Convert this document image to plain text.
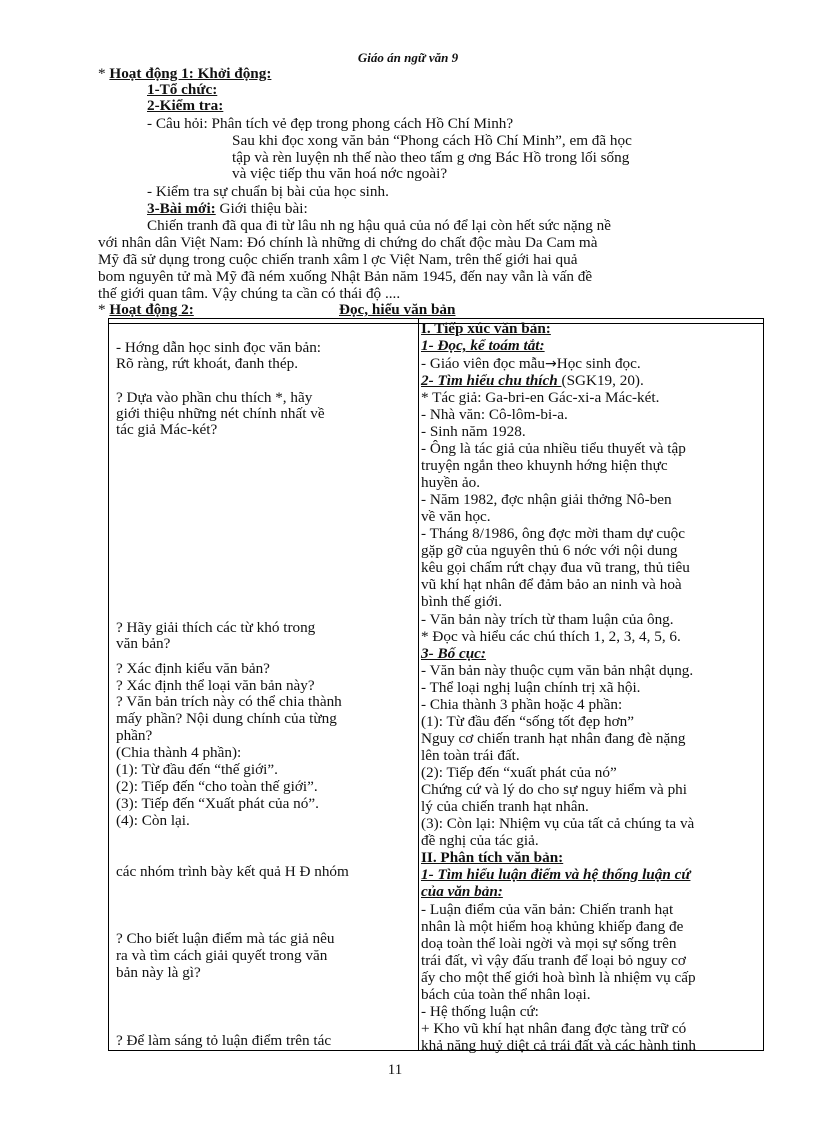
Giáo án ngữ văn 9
* Hoạt động 1: Khởi động:
1-Tổ chức:
2-Kiểm tra:
- Câu hỏi: Phân tích vẻ đẹp trong phong cách Hồ Chí Minh?
Sau khi đọc xong văn bản “Phong cách Hồ Chí Minh”, em đã học
tập và rèn luyện nh thế nào theo tấm g ơng Bác Hồ trong lối sống
và việc tiếp thu văn hoá nớc ngoài?
- Kiểm tra sự chuẩn bị bài của học sinh.
3-Bài mới: Giới thiệu bài:
Chiến tranh đã qua đi từ lâu nh ng hậu quả của nó để lại còn hết sức nặng nề
với nhân dân Việt Nam: Đó chính là những di chứng do chất độc màu Da Cam mà
Mỹ đã sử dụng trong cuộc chiến tranh xâm l ợc Việt Nam, trên thế giới hai quả
bom nguyên tử mà Mỹ đã ném xuống Nhật Bản năm 1945, đến nay vẫn là vấn đề
thế giới quan tâm. Vậy chúng ta cần có thái độ ....
* Hoạt động 2:	Đọc, hiểu văn bản
- Hớng dẫn học sinh đọc văn bản:
Rõ ràng, rứt khoát, đanh thép.
? Dựa vào phần chu thích *, hãy
giới thiệu những nét chính nhất về
tác giả Mác-két?
? Hãy giải thích các từ khó trong
văn bản?
? Xác định kiểu văn bản?
? Xác định thể loại văn bản này?
? Văn bản trích này có thể chia thành
mấy phần? Nội dung chính của từng
phần?
(Chia thành 4 phần):
(1): Từ đầu đến “thế giới”.
(2): Tiếp đến “cho toàn thế giới”.
(3): Tiếp đến “Xuất phát của nó”.
(4): Còn lại.
các nhóm trình bày kết quả H Đ nhóm
? Cho biết luận điểm mà tác giả nêu
ra và tìm cách giải quyết trong văn
bản này là gì?
? Để làm sáng tỏ luận điểm trên tác
I. Tiếp xúc văn bản:
1- Đọc, kể toám tắt:
- Giáo viên đọc mẫu→Học sinh đọc.
2- Tìm hiểu chu thích (SGK19, 20).
* Tác giả: Ga-bri-en Gác-xi-a Mác-két.
- Nhà văn: Cô-lôm-bi-a.
- Sinh năm 1928.
- Ông là tác giả của nhiều tiểu thuyết và tập
truyện ngắn theo khuynh hớng hiện thực
huyền ảo.
- Năm 1982, đợc nhận giải thởng Nô-ben
về văn học.
- Tháng 8/1986, ông đợc mời tham dự cuộc
gặp gỡ của nguyên thủ 6 nớc với nội dung
kêu gọi chấm rứt chạy đua vũ trang, thủ tiêu
vũ khí hạt nhân để đảm bảo an ninh và hoà
bình thế giới.
- Văn bản này trích từ tham luận của ông.
* Đọc và hiểu các chú thích 1, 2, 3, 4, 5, 6.
3- Bố cục:
- Văn bản này thuộc cụm văn bản nhật dụng.
- Thể loại nghị luận chính trị xã hội.
- Chia thành 3 phần hoặc 4 phần:
(1): Từ đầu đến “sống tốt đẹp hơn”
Nguy cơ chiến tranh hạt nhân đang đè nặng
lên toàn trái đất.
(2): Tiếp đến “xuất phát của nó”
Chứng cứ và lý do cho sự nguy hiểm và phi
lý của chiến tranh hạt nhân.
(3): Còn lại: Nhiệm vụ của tất cả chúng ta và
đề nghị của tác giả.
II. Phân tích văn bản:
1- Tìm hiểu luận điểm và hệ thống luận cứ
của văn bản:
- Luận điểm của văn bản: Chiến tranh hạt
nhân là một hiểm hoạ khủng khiếp đang đe
doạ toàn thể loài ngời và mọi sự sống trên
trái đất, vì vậy đấu tranh để loại bỏ nguy cơ
ấy cho một thế giới hoà bình là nhiệm vụ cấp
bách của toàn thể nhân loại.
- Hệ thống luận cứ:
+ Kho vũ khí hạt nhân đang đợc tàng trữ có
khả năng huỷ diệt cả trái đất và các hành tinh
11
